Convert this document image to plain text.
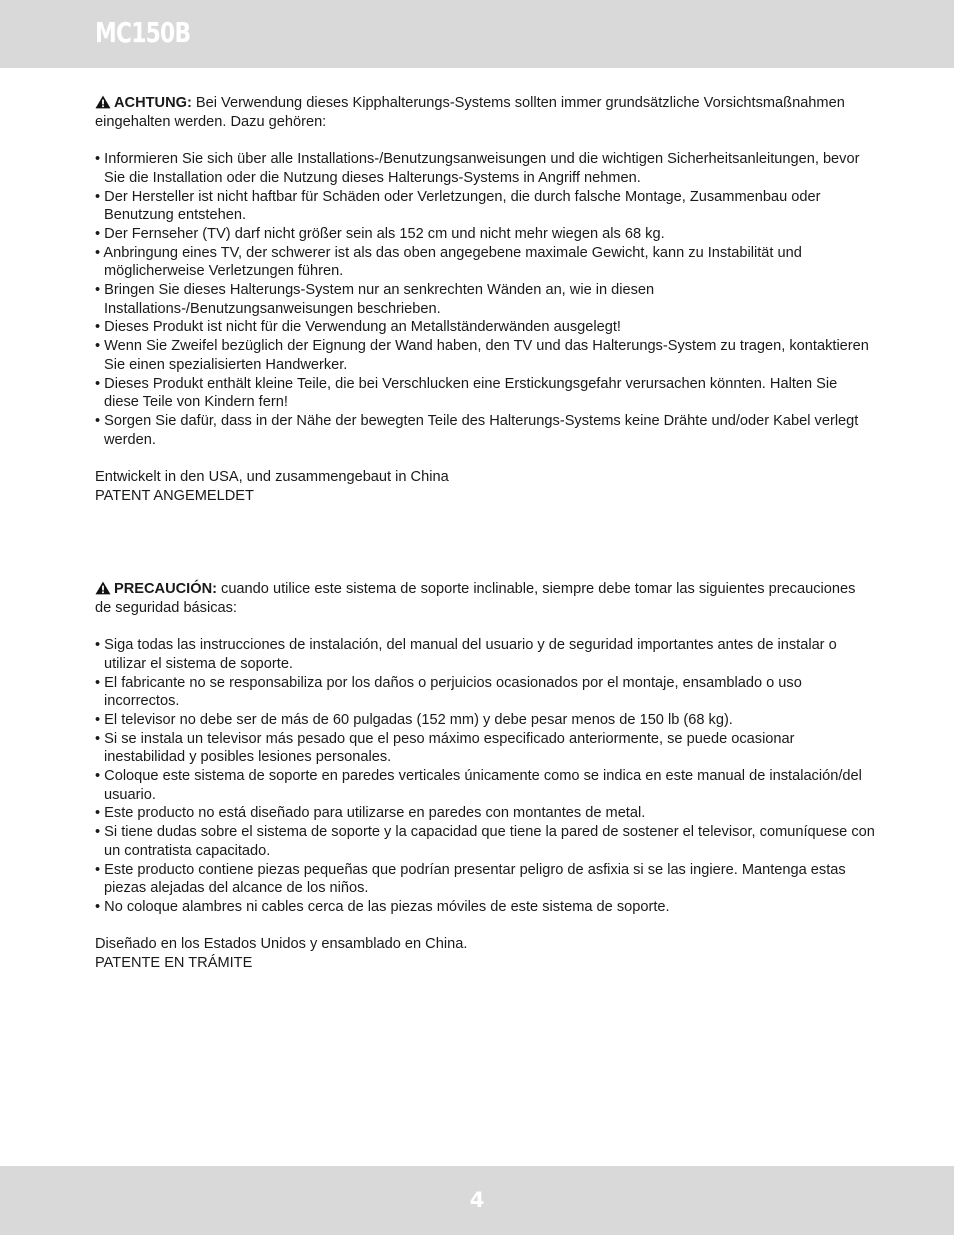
MC150B

ACHTUNG: Bei Verwendung dieses Kipphalterungs-Systems sollten immer grundsätzliche Vorsichtsmaßnahmen eingehalten werden. Dazu gehören:

• Informieren Sie sich über alle Installations-/Benutzungsanweisungen und die wichtigen Sicherheitsanleitungen, bevor Sie die Installation oder die Nutzung dieses Halterungs-Systems in Angriff nehmen.
• Der Hersteller ist nicht haftbar für Schäden oder Verletzungen, die durch falsche Montage, Zusammenbau oder Benutzung entstehen.
• Der Fernseher (TV) darf nicht größer sein als 152 cm und nicht mehr wiegen als 68 kg.
• Anbringung eines TV, der schwerer ist als das oben angegebene maximale Gewicht, kann zu Instabilität und möglicherweise Verletzungen führen.
• Bringen Sie dieses Halterungs-System nur an senkrechten Wänden an, wie in diesen Installations-/Benutzungsanweisungen beschrieben.
• Dieses Produkt ist nicht für die Verwendung an Metallständerwänden ausgelegt!
• Wenn Sie Zweifel bezüglich der Eignung der Wand haben, den TV und das Halterungs-System zu tragen, kontaktieren Sie einen spezialisierten Handwerker.
• Dieses Produkt enthält kleine Teile, die bei Verschlucken eine Erstickungsgefahr verursachen könnten. Halten Sie diese Teile von Kindern fern!
• Sorgen Sie dafür, dass in der Nähe der bewegten Teile des Halterungs-Systems keine Drähte und/oder Kabel verlegt werden.

Entwickelt in den USA, und zusammengebaut in China

PATENT ANGEMELDET

PRECAUCIÓN: cuando utilice este sistema de soporte inclinable, siempre debe tomar las siguientes precauciones de seguridad básicas:

• Siga todas las instrucciones de instalación, del manual del usuario y de seguridad importantes antes de instalar o utilizar el sistema de soporte.
• El fabricante no se responsabiliza por los daños o perjuicios ocasionados por el montaje, ensamblado o uso incorrectos.
• El televisor no debe ser de más de 60 pulgadas (152 mm) y debe pesar menos de 150 lb (68 kg).
• Si se instala un televisor más pesado que el peso máximo especificado anteriormente, se puede ocasionar inestabilidad y posibles lesiones personales.
• Coloque este sistema de soporte en paredes verticales únicamente como se indica en este manual de instalación/del usuario.
• Este producto no está diseñado para utilizarse en paredes con montantes de metal.
• Si tiene dudas sobre el sistema de soporte y la capacidad que tiene la pared de sostener el televisor, comuníquese con un contratista capacitado.
• Este producto contiene piezas pequeñas que podrían presentar peligro de asfixia si se las ingiere. Mantenga estas piezas alejadas del alcance de los niños.
• No coloque alambres ni cables cerca de las piezas móviles de este sistema de soporte.

Diseñado en los Estados Unidos y ensamblado en China.

PATENTE EN TRÁMITE

4
